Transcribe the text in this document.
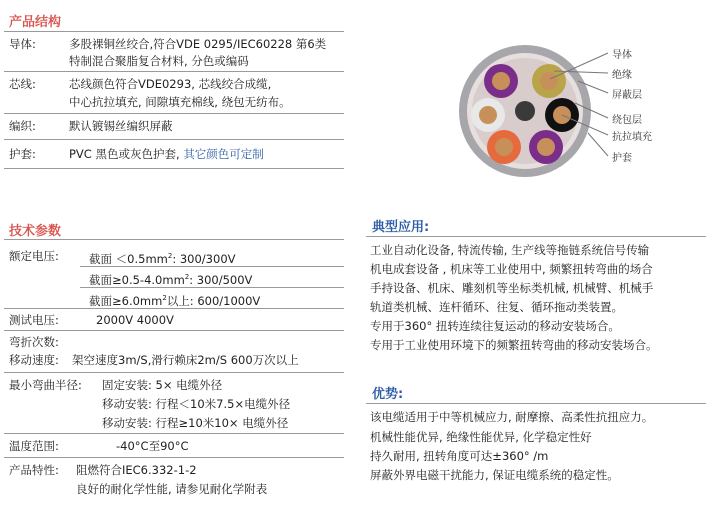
产品结构
导体:	多股裸铜丝绞合,符合VDE 0295/IEC60228 第6类
特制混合聚脂复合材料, 分色或编码
芯线:	芯线颜色符合VDE0293, 芯线绞合成缆,
中心抗拉填充, 间隙填充棉线, 绕包无纺布。
编织:	默认镀锡丝编织屏蔽
护套:	PVC 黑色或灰色护套, 其它颜色可定制
导体
绝缘
屏蔽层
绕包层
抗拉填充
护套
技术参数
额定电压:	截面 $<0.5mm^2$: 300/300V
截面$\ge 0.5-4.0mm^2$: 300/500V
截面$\ge 6.0mm^2$以上: 600/1000V
测试电压:	2000V 4000V
弯折次数:
移动速度: 架空速度3m/S,滑行赖床2m/S 600万次以上
最小弯曲半径: 固定安装: 5× 电缆外径
移动安装: 行程＜10米7.5×电缆外径
移动安装: 行程≥10米10× 电缆外径
温度范围:	-40°C至90°C
产品特性: 阻燃符合IEC6.332-1-2
良好的耐化学性能, 请参见耐化学附表
典型应用:
工业自动化设备, 特流传输, 生产线等拖链系统信号传输
机电成套设备 , 机床等工业使用中, 频繁扭转弯曲的场合
手持设备、机床、雕刻机等坐标类机械, 机械臂、机械手
轨道类机械、连杆循环、往复、循环拖动类装置。
专用于360° 扭转连续往复运动的移动安装场合。
专用于工业使用环境下的频繁扭转弯曲的移动安装场合。
优势:
该电缆适用于中等机械应力, 耐摩擦、高柔性抗扭应力。
机械性能优异, 绝缘性能优异, 化学稳定性好
持久耐用, 扭转角度可达±360° /m
屏蔽外界电磁干扰能力, 保证电缆系统的稳定性。
